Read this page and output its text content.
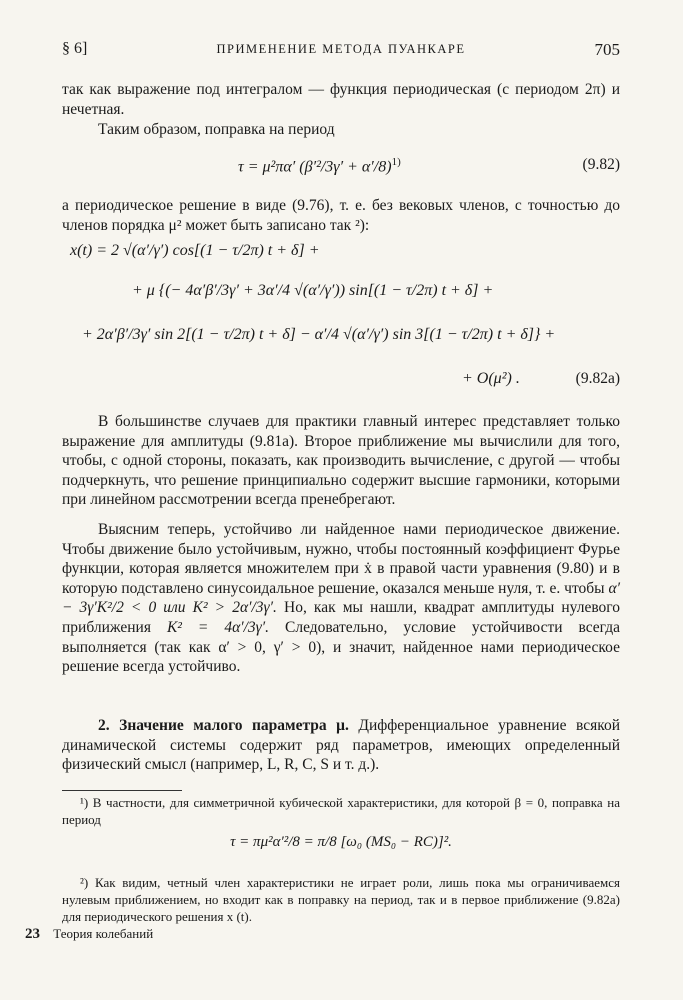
§ 6]	ПРИМЕНЕНИЕ МЕТОДА ПУАНКАРЕ	705

так как выражение под интегралом — функция периодическая (с периодом 2π) и нечетная.

Таким образом, поправка на период

τ = μ²πα′ $(\beta'^2/3\gamma' + \alpha'/8)^{1)}$	(9.82)

а периодическое решение в виде (9.76), т. е. без вековых членов, с точностью до членов порядка μ² может быть записано так ²):

x(t) = 2 √(α′/γ′) cos[(1 − τ/2π) t + δ] +
+ μ {(− 4α′β′/3γ′ + 3α′/4 √(α′/γ′)) sin[(1 − τ/2π) t + δ] +
+ 2α′β′/3γ′ sin 2[(1 − τ/2π) t + δ] − α′/4 √(α′/γ′) sin 3[(1 − τ/2π) t + δ]} +
+ O(μ²) .	(9.82a)

В большинстве случаев для практики главный интерес представляет только выражение для амплитуды (9.81а). Второе приближение мы вычислили для того, чтобы, с одной стороны, показать, как производить вычисление, с другой — чтобы подчеркнуть, что решение принципиально содержит высшие гармоники, которыми при линейном рассмотрении всегда пренебрегают.

Выясним теперь, устойчиво ли найденное нами периодическое движение. Чтобы движение было устойчивым, нужно, чтобы постоянный коэффициент Фурье функции, которая является множителем при ẋ в правой части уравнения (9.80) и в которую подставлено синусоидальное решение, оказался меньше нуля, т. е. чтобы α′ − 3γ′K²/2 < 0 или K² > 2α′/3γ′. Но, как мы нашли, квадрат амплитуды нулевого приближения K² = 4α′/3γ′. Следовательно, условие устойчивости всегда выполняется (так как α′ > 0, γ′ > 0), и значит, найденное нами периодическое решение всегда устойчиво.

2. Значение малого параметра μ. Дифференциальное уравнение всякой динамической системы содержит ряд параметров, имеющих определенный физический смысл (например, L, R, C, S и т. д.).

¹) В частности, для симметричной кубической характеристики, для которой β = 0, поправка на период

τ = πμ²α′²/8 = π/8 [ω₀ (MS₀ − RC)]².

²) Как видим, четный член характеристики не играет роли, лишь пока мы ограничиваемся нулевым приближением, но входит как в поправку на период, так и в первое приближение (9.82а) для периодического решения x (t).

23 Теория колебаний
